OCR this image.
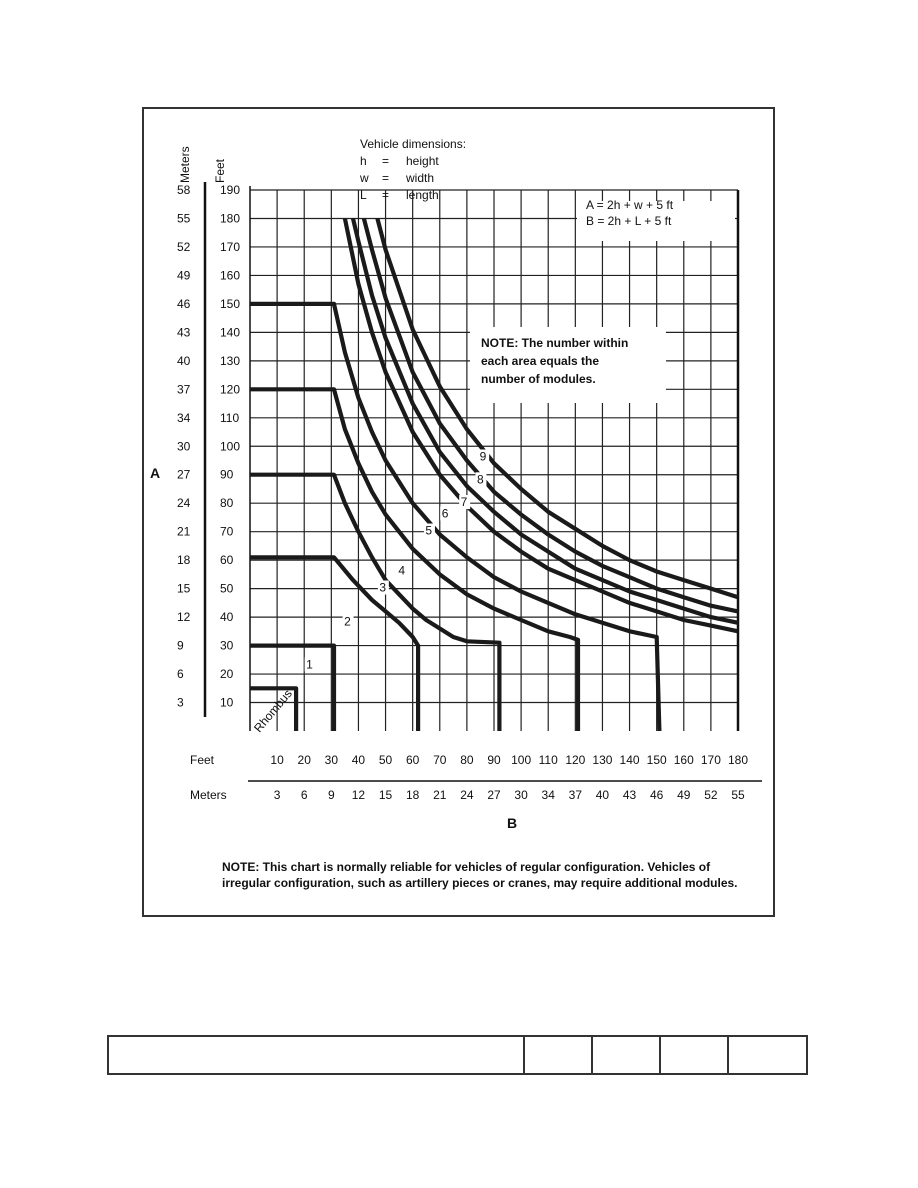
10
20
30
40
50
60
70
80
90
100
110
120
130
140
150
160
170
180
190
3
6
9
12
15
18
21
24
27
30
34
37
40
43
46
49
52
55
58
Meters Feet
A
Vehicle dimensions:
h = height
w = width
L = length
A = 2h + w + 5 ft
B = 2h + L + 5 ft
NOTE: The number within
each area equals the
number of modules.
Rhombus
1
2
3
4
5
6
7
8
9
Feet	10 20 30 40 50 60 70 80 90 100 110 120 130 140 150 160 170 180
Meters	3 6 9 12 15 18 21 24 27 30 34 37 40 43 46 49 52 55
B
NOTE: This chart is normally reliable for vehicles of regular configuration. Vehicles of irregular configuration, such as artillery pieces or cranes, may require additional modules.
